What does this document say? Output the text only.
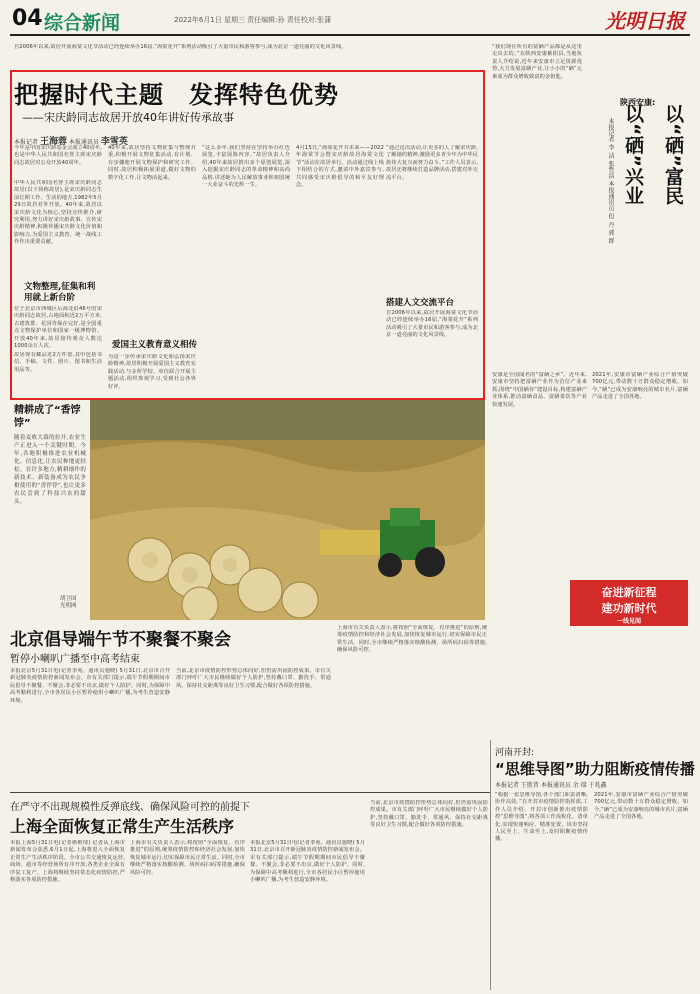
04 综合新闻	2022年6月1日 星期三 责任编辑:孙 责任校对:张蒲	光明日报
自2006年以来,故居开展海棠文化节活动已经连续举办16届,“海棠花开”系列活动吸引了大量市民和游客参与,成为北京一道亮丽的文化风景线。
把握时代主题　发挥特色优势
——宋庆龄同志故居开放40年讲好传承故事
本报记者 王海蓉 本报通讯员 李雪英
今年是中国宋庆龄基金会成立40周年,也是中华人民共和国名誉主席宋庆龄同志故居对公众开放40周年。
中华人民共和国名誉主席宋庆龄同志故居(以下简称故居),是宋庆龄同志生前长期工作、生活的地方,1982年5月29日故居对外开放。40年来,故居以宋庆龄文化为核心,坚持宣传推介,研究利用,努力讲好宋庆龄故事、宣传宋庆龄精神,积极传播宋庆龄文化价值和影响力,为爱国主义教育、统一战线工作作出重要贡献。
文物整理,征集和利用就上新台阶
位于北京市西城区后海北沿46号的宋庆龄同志故居,占地面积近2万平方米,古建筑群、花园等保存完好,是全国重点文物保护单位和国家一级博物馆。开放40年来,故居接待观众人数达1000余万人次。
故居现有藏品近2万件套,其中包括书信、手稿、文件、照片、图书和生活用品等。
40年来,故居坚持文物征集与整理并重,积极开展文物征集活动,有计划、有步骤地开展文物保护和研究工作。同时,故居积极拓展渠道,做好文物的数字化工作,让文物活起来。
爱国主义教育意义相传
为进一步传承宋庆龄文化和弘扬宋庆龄精神,故居积极开展爱国主义教育实践活动,与多所学校、单位联合开展主题活动,组织参观学习,受到社会各界好评。
“这么多年,我们坚持在坚持举办红色展览,丰富展陈内容。”故居负责人介绍,40年来故居推出多个原创展览,深入挖掘宋庆龄同志的革命精神和高尚品格,讲述她为人民解放事业和祖国统一大业奋斗的光辉一生。
4月15日,“海棠花开共未来——2022年海棠节会暨宋庆龄故居海棠文化节”活动在故居举行。活动通过线上线下相结合的方式,邀请中外嘉宾参与,共同感受宋庆龄倡导的和平友好理念。
搭建人文交流平台
“通过这次活动,让更多的人了解宋庆龄,了解她的精神,激励更多青少年为中华民族伟大复兴而努力奋斗。”工作人员表示,故居还将继续打造品牌活动,搭建对外交流平台。
自2006年以来,故居开展海棠文化节活动已经连续举办16届,“海棠花开”系列活动吸引了大量市民和游客参与,成为北京一道亮丽的文化风景线。
“我们现在所有的富硒产品都是从这里走出去的。”在陕西安康紫阳县,当地负责人介绍说,近年来安康市立足资源优势,大力发展富硒产业,让小小的“硒”元素成为群众增收致富的金钥匙。
陕西安康:
以“硒”兴业 以“硒”富民
本报记者 李 洁 张哲浩 本报通讯员 但 丹 郭 群
安康是全国闻名的“富硒之乡”。近年来,安康市坚持把富硒产业作为首位产业来抓,围绕“中国硒谷”建设目标,构建富硒产业体系,推动富硒食品、富硒茶饮等产业快速发展。
2021年,安康市富硒产业综合产值突破700亿元,带动数十万群众稳定增收。如今,“硒”已成为安康响亮的城市名片,富硒产品走进了全国各地。
奋进新征程
建功新时代
一线见闻
精耕成了“香饽饽”
随着麦收大幕的拉开,农业生产正进入一个关键时期。今年,各地积极推进农业机械化、信息化,让农民种地更轻松。在许多地方,精耕细作的新技术、新装备成为农民争相使用的“香饽饽”,也让更多农民尝到了科技兴农的甜头。
胡卫国
光明网
北京倡导端午节不聚餐不聚会
暂停小喇叭广播至中高考结束
本报北京5月31日电(记者李苑、通讯员施晓) 5月31日,北京市召开新冠肺炎疫情防控新闻发布会。市有关部门提示,端午节假期期间市民倡导不聚餐、不聚会,非必要不出京,做好个人防护。同时,为保障中高考顺利进行,全市各居民小区暂停使用小喇叭广播,为考生营造安静环境。
当前,北京市疫情防控形势总体向好,但仍需巩固防控成果。市有关部门呼吁广大市民继续做好个人防护,坚持戴口罩、勤洗手、常通风、保持社交距离等良好卫生习惯,配合做好各项防控措施。
上海市有关负责人表示,将按照“全面恢复、有序推进”的原则,统筹疫情防控和经济社会发展,加快恢复城市运行,切实保障市民正常生活。同时,全市继续严格落实核酸检测、场所码扫码等措施,确保风险可控。
在严守不出现规模性反弹底线、确保风险可控的前提下
上海全面恢复正常生产生活秩序
本报上海5月31日电(记者颜维琦) 记者从上海市新闻发布会获悉,6月1日起,上海将进入全面恢复正常生产生活秩序阶段。全市公共交通恢复运营,商场、超市等经营场所有序开放,各类企业全面有序复工复产。上海将继续坚持常态化疫情防控,严格落实各项防控措施。
上海市有关负责人表示,将按照“全面恢复、有序推进”的原则,统筹疫情防控和经济社会发展,加快恢复城市运行,切实保障市民正常生活。同时,全市继续严格落实核酸检测、场所码扫码等措施,确保风险可控。
本报北京5月31日电(记者李苑、通讯员施晓) 5月31日,北京市召开新冠肺炎疫情防控新闻发布会。市有关部门提示,端午节假期期间市民倡导不聚餐、不聚会,非必要不出京,做好个人防护。同时,为保障中高考顺利进行,全市各居民小区暂停使用小喇叭广播,为考生营造安静环境。
当前,北京市疫情防控形势总体向好,但仍需巩固防控成果。市有关部门呼吁广大市民继续做好个人防护,坚持戴口罩、勤洗手、常通风、保持社交距离等良好卫生习惯,配合做好各项防控措施。
河南开封:
“思维导图”助力阻断疫情传播
本报记者 王胜昔 本报通讯员 余 瑞 于兆鑫
“根据一张思维导图,各个部门职责清晰,协作高效。”在开封市疫情防控指挥部,工作人员介绍。开封市创新推出疫情防控“思维导图”,将各项工作流程化、清单化,实现快速响应、精准处置。该市坚持人民至上、生命至上,及时阻断疫情传播。
2021年,安康市富硒产业综合产值突破700亿元,带动数十万群众稳定增收。如今,“硒”已成为安康响亮的城市名片,富硒产品走进了全国各地。
